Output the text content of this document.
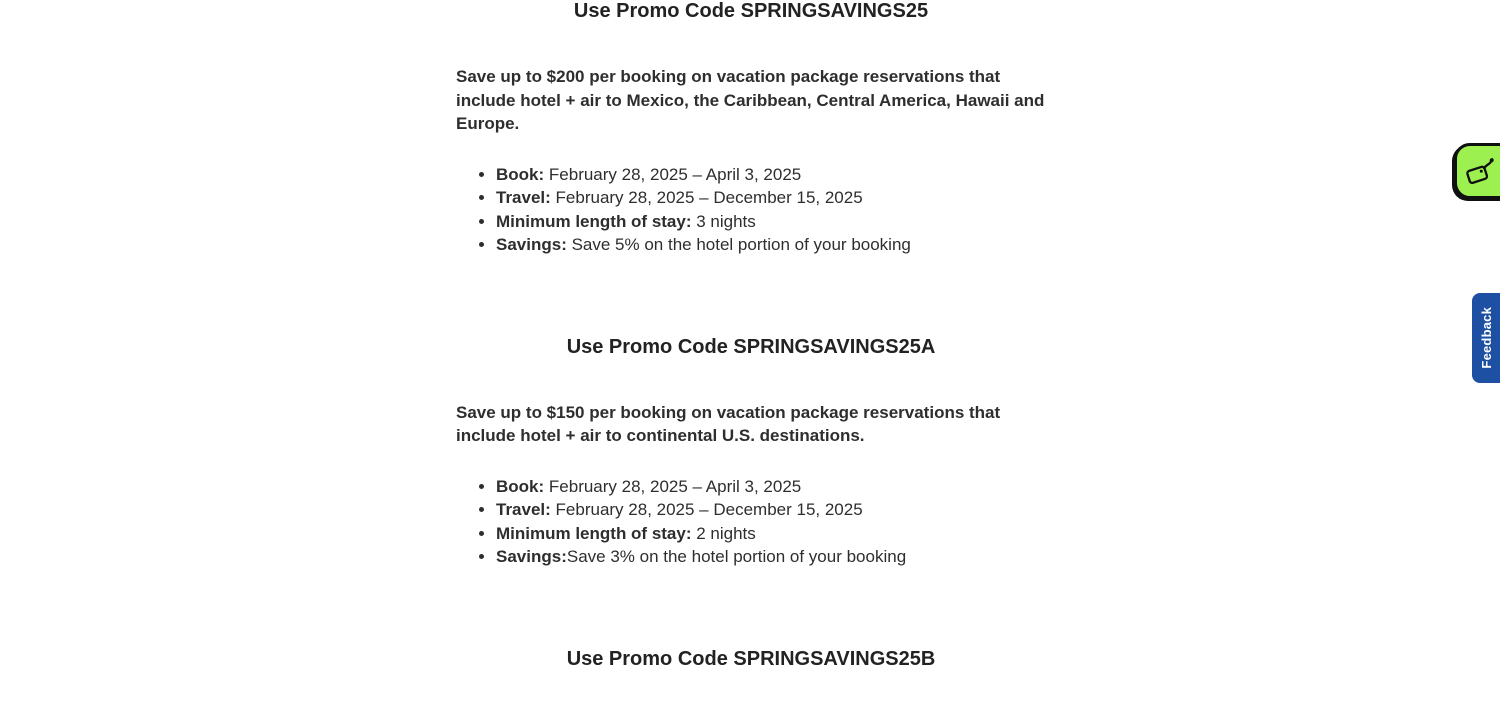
Use Promo Code SPRINGSAVINGS25

Save up to $200 per booking on vacation package reservations that include hotel + air to Mexico, the Caribbean, Central America, Hawaii and Europe.

• Book: February 28, 2025 – April 3, 2025
• Travel: February 28, 2025 – December 15, 2025
• Minimum length of stay: 3 nights
• Savings: Save 5% on the hotel portion of your booking
Use Promo Code SPRINGSAVINGS25A

Save up to $150 per booking on vacation package reservations that include hotel + air to continental U.S. destinations.

• Book: February 28, 2025 – April 3, 2025
• Travel: February 28, 2025 – December 15, 2025
• Minimum length of stay: 2 nights
• Savings:Save 3% on the hotel portion of your booking
Use Promo Code SPRINGSAVINGS25B
Feedback
